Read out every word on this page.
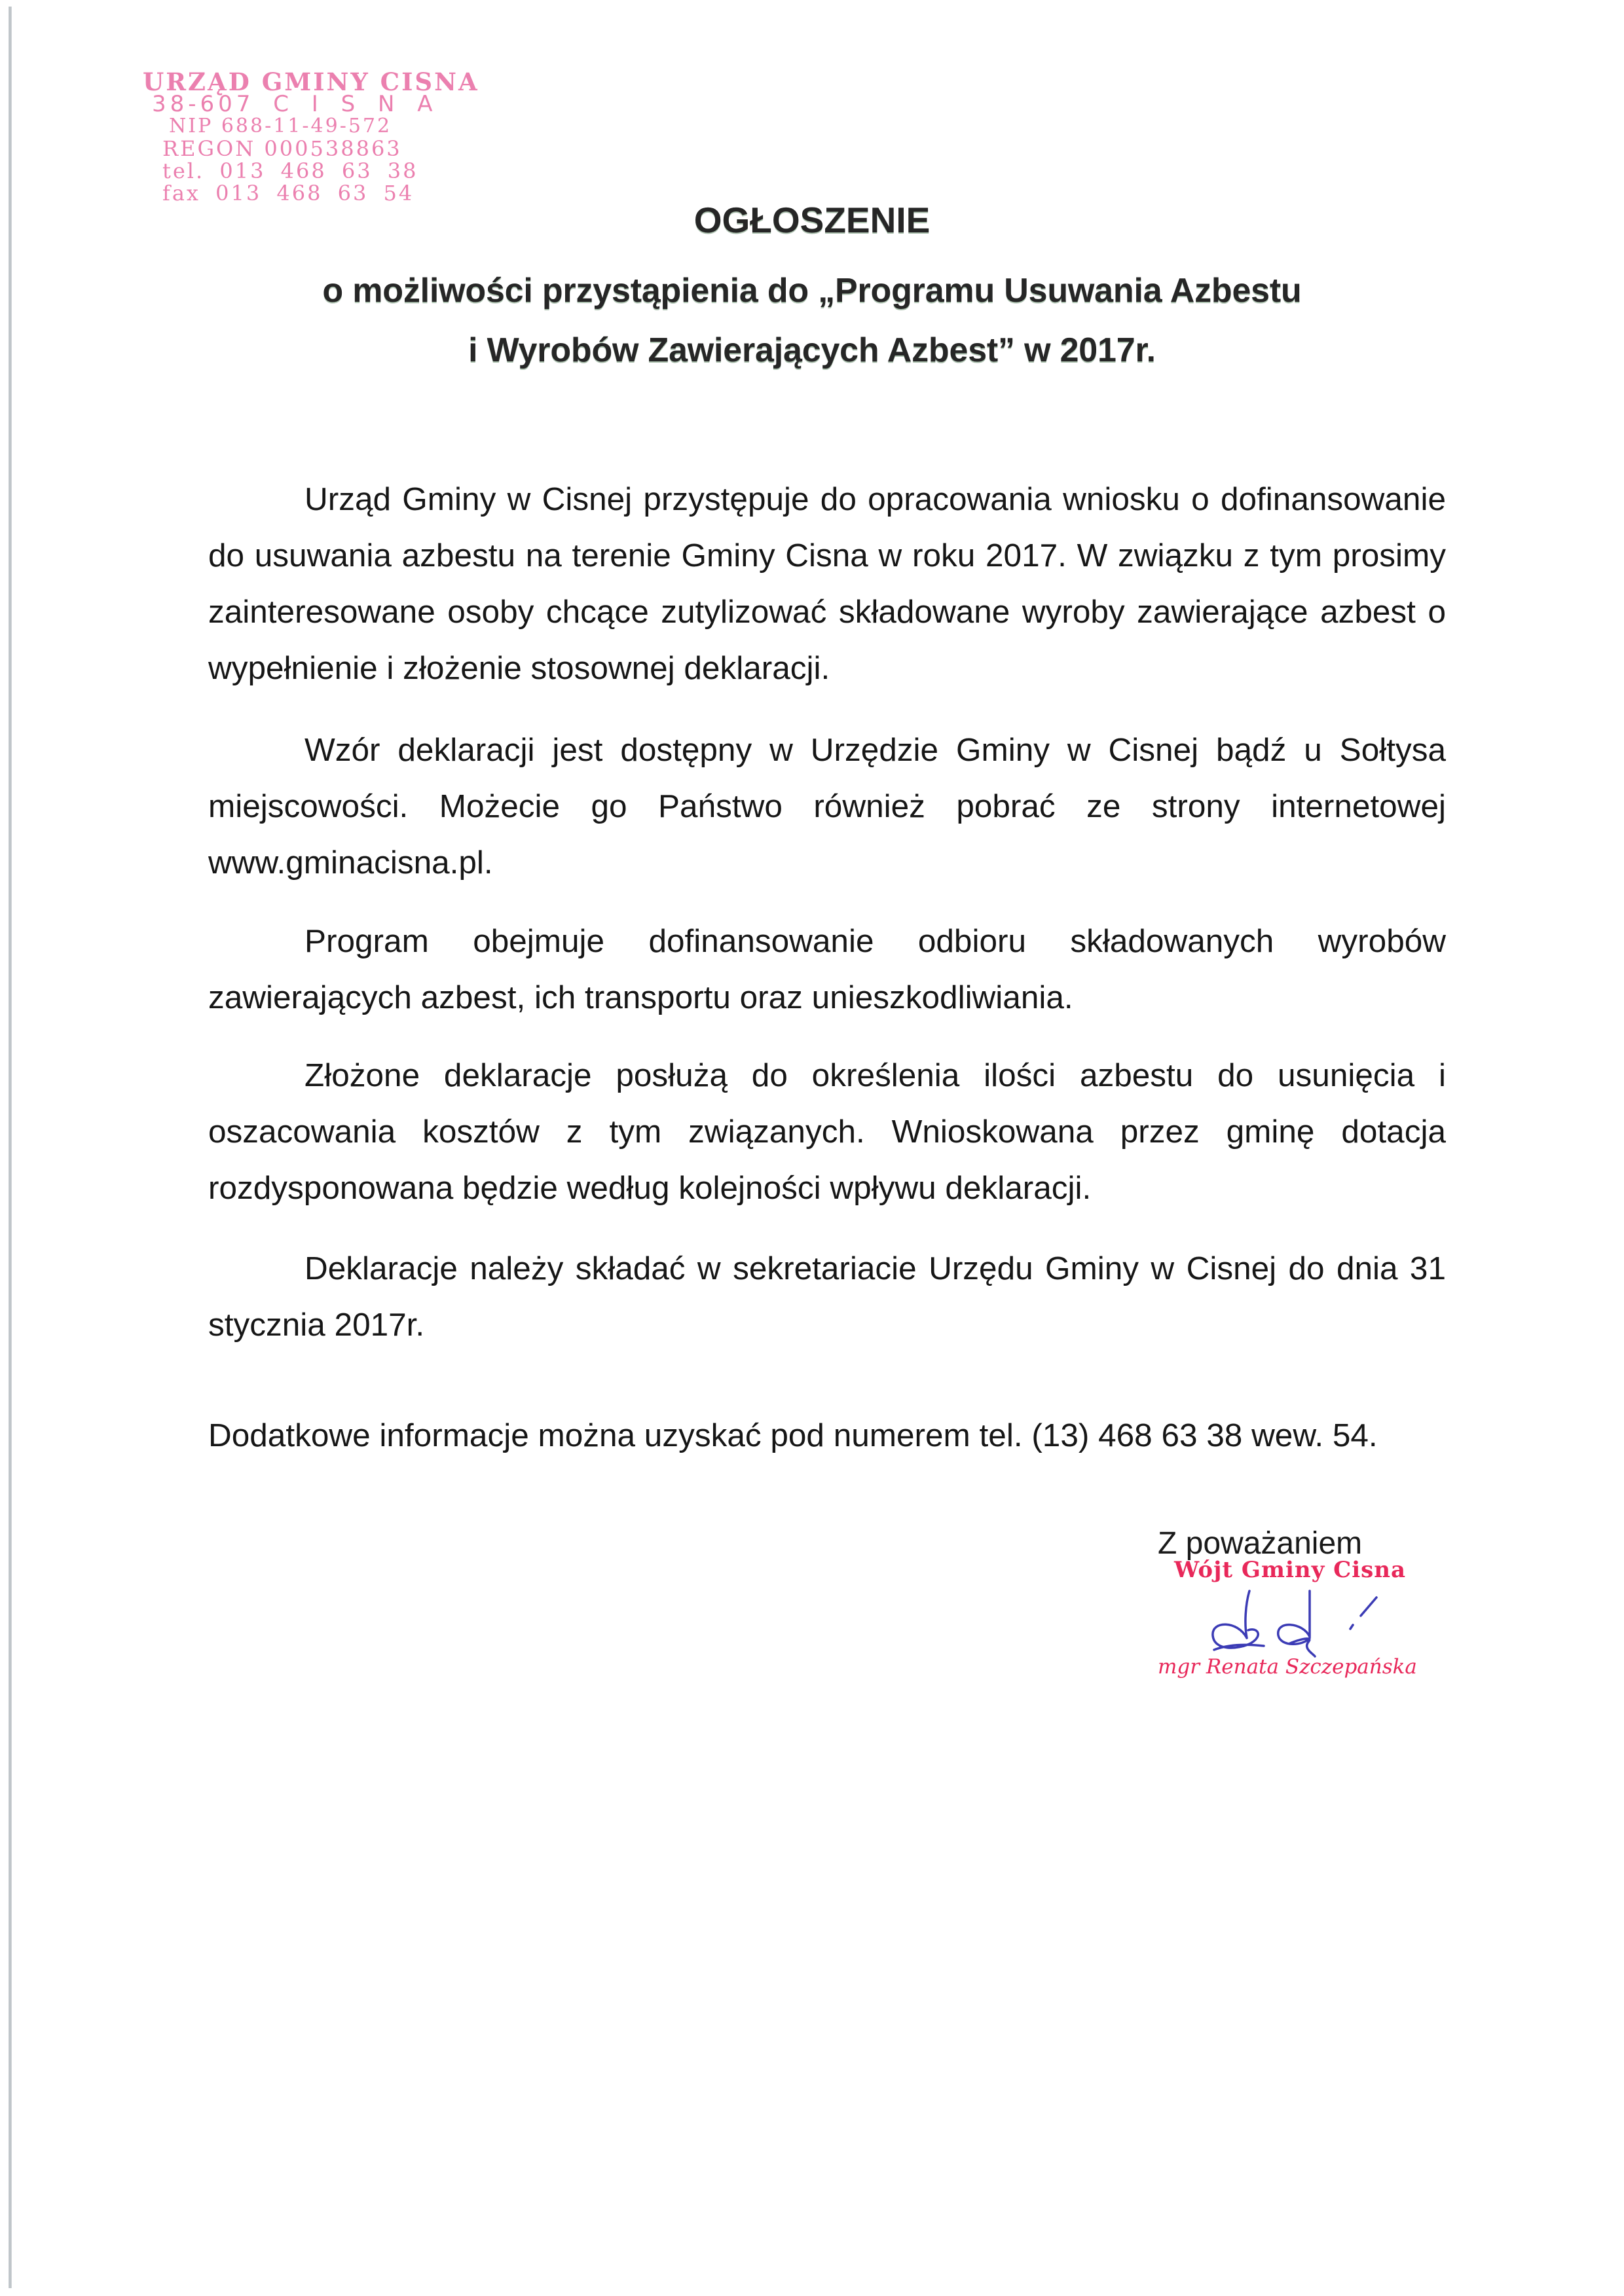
URZĄD GMINY CISNA
38-607 C I S N A
NIP 688-11-49-572
REGON 000538863
tel. 013 468 63 38
fax 013 468 63 54
OGŁOSZENIE
o możliwości przystąpienia do „Programu Usuwania Azbestu
i Wyrobów Zawierających Azbest” w 2017r.

Urząd Gminy w Cisnej przystępuje do opracowania wniosku o dofinansowanie do usuwania azbestu na terenie Gminy Cisna w roku 2017. W związku z tym prosimy zainteresowane osoby chcące zutylizować składowane wyroby zawierające azbest o wypełnienie i złożenie stosownej deklaracji.

Wzór deklaracji jest dostępny w Urzędzie Gminy w Cisnej bądź u Sołtysa miejscowości. Możecie go Państwo również pobrać ze strony internetowej www.gminacisna.pl.

Program obejmuje dofinansowanie odbioru składowanych wyrobów zawierających azbest, ich transportu oraz unieszkodliwiania.

Złożone deklaracje posłużą do określenia ilości azbestu do usunięcia i oszacowania kosztów z tym związanych. Wnioskowana przez gminę dotacja rozdysponowana będzie według kolejności wpływu deklaracji.

Deklaracje należy składać w sekretariacie Urzędu Gminy w Cisnej do dnia 31 stycznia 2017r.

Dodatkowe informacje można uzyskać pod numerem tel. (13) 468 63 38 wew. 54.

Wójt Gminy Cisna
Z poważaniem
mgr Renata Szczepańska
